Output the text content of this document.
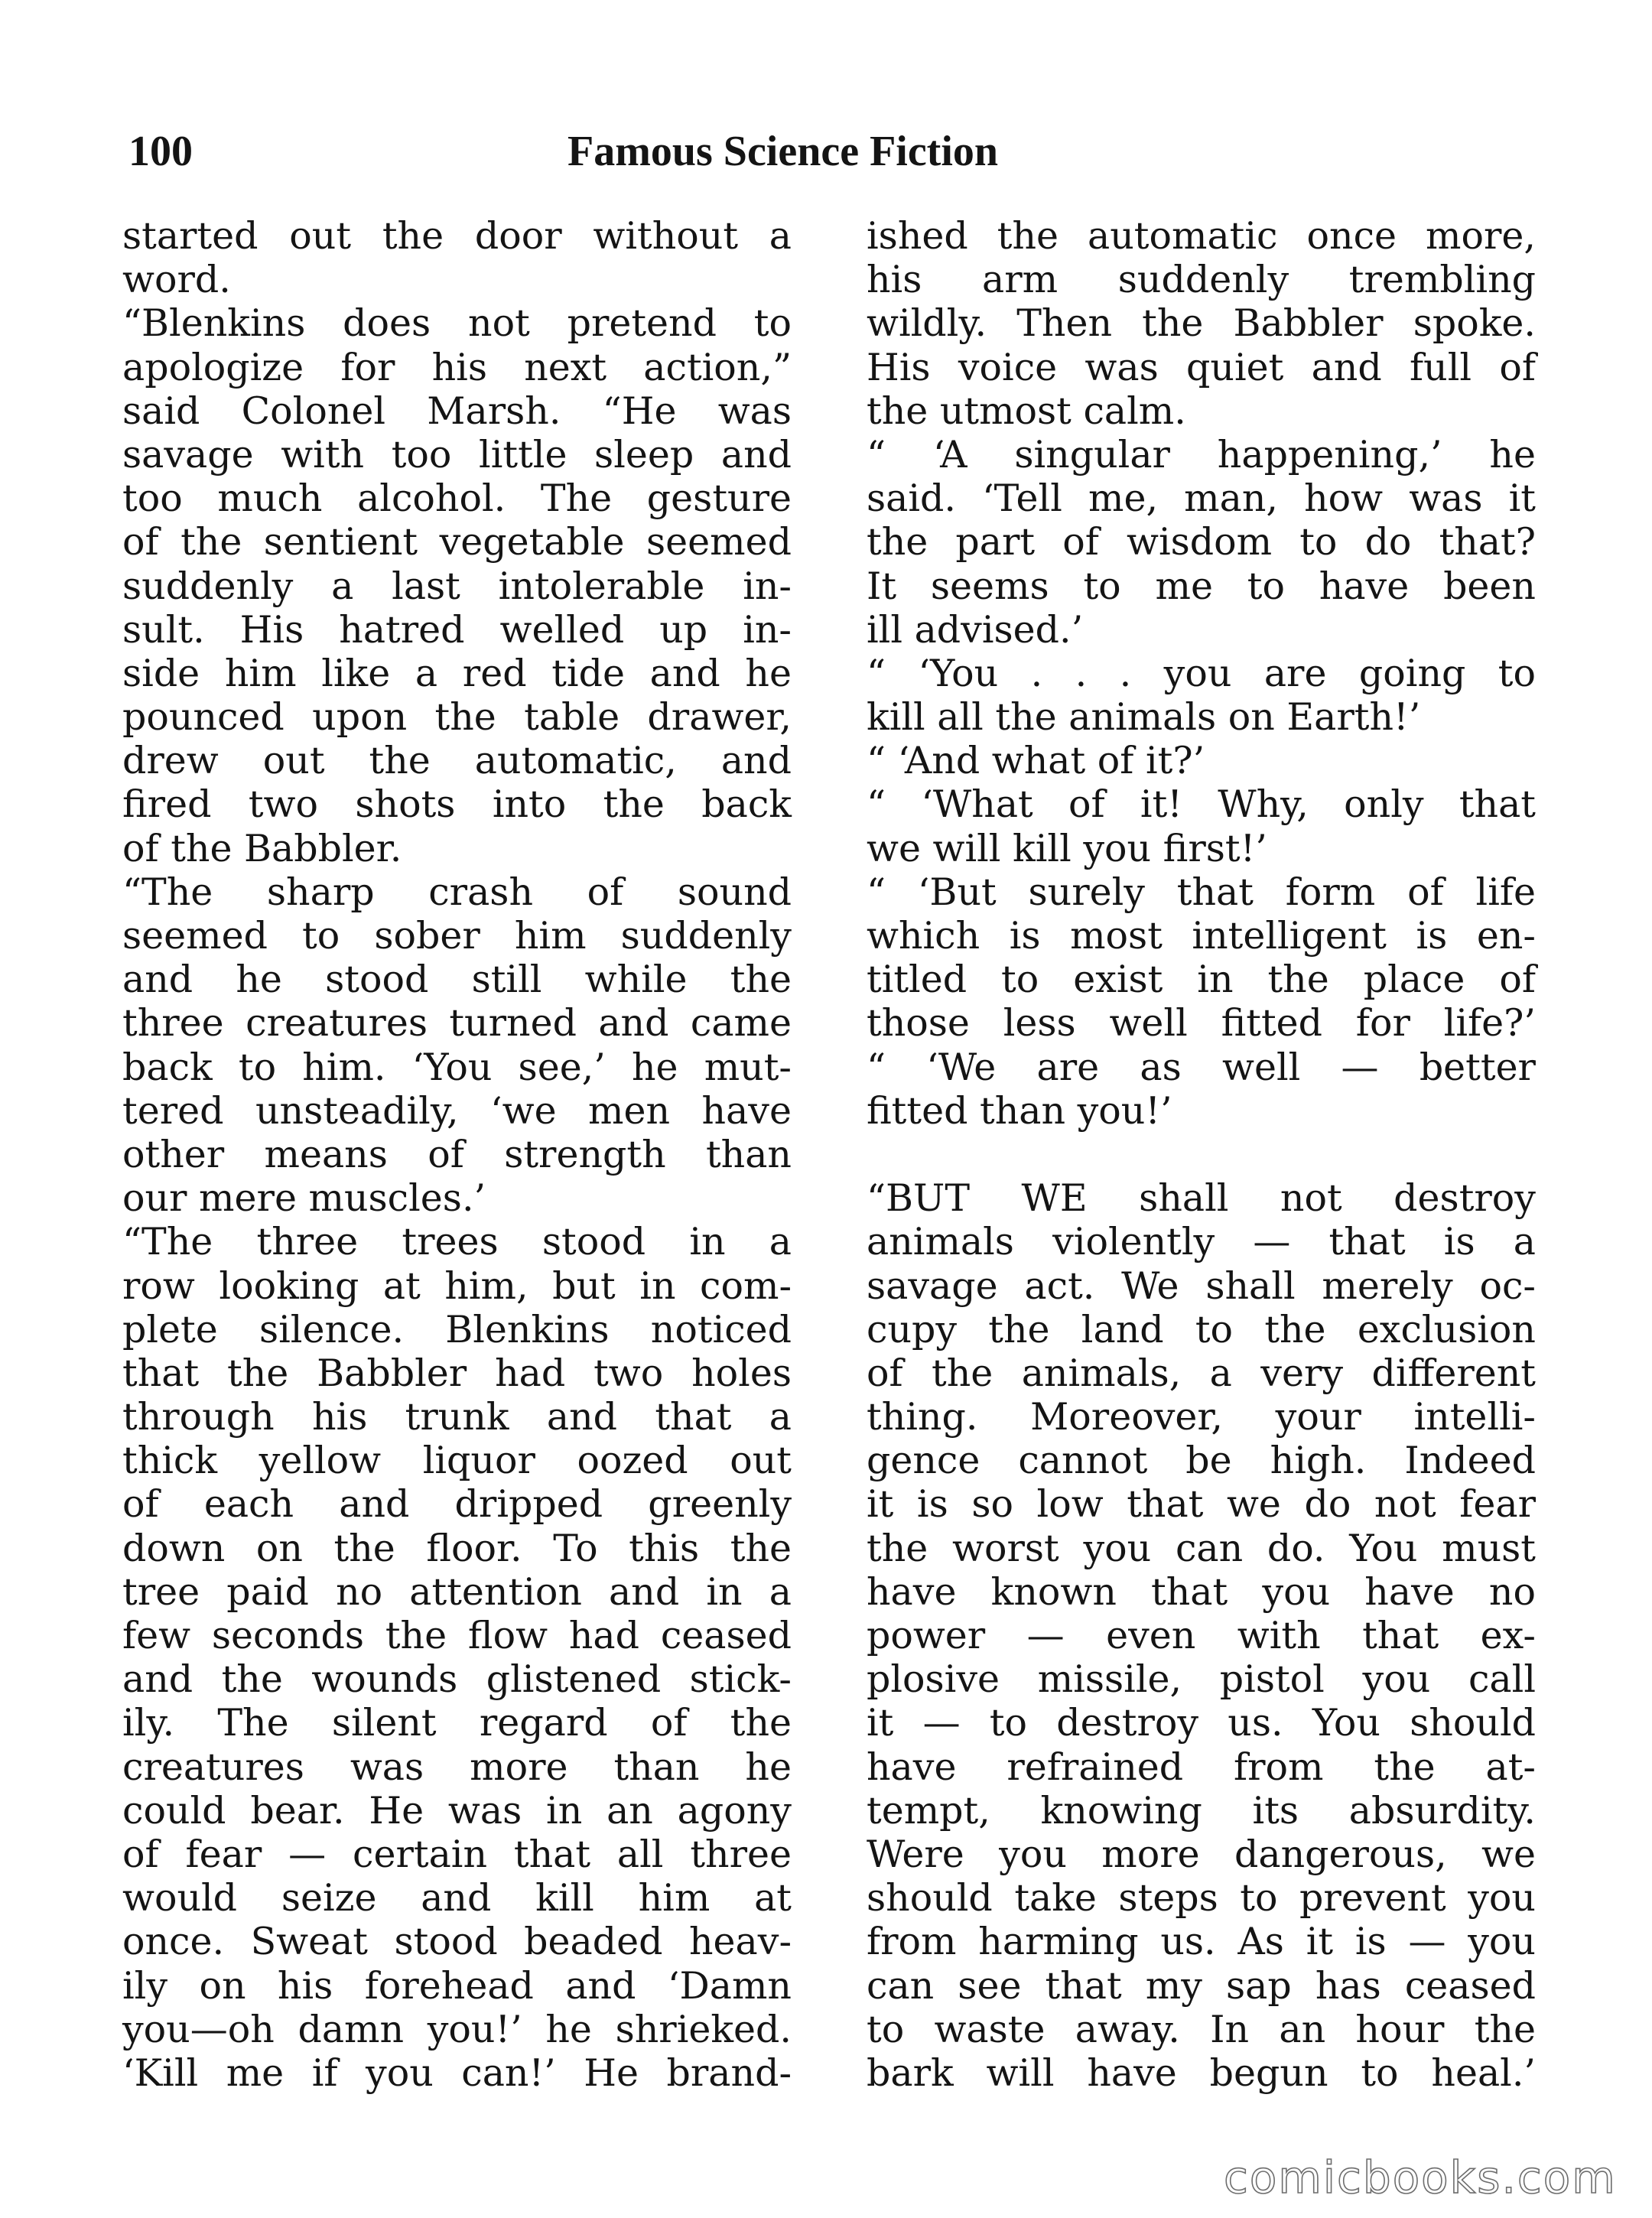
100	Famous Science Fiction
started out the door without a
word.
“Blenkins does not pretend to
apologize for his next action,”
said Colonel Marsh. “He was
savage with too little sleep and
too much alcohol. The gesture
of the sentient vegetable seemed
suddenly a last intolerable in-
sult. His hatred welled up in-
side him like a red tide and he
pounced upon the table drawer,
drew out the automatic, and
fired two shots into the back
of the Babbler.
“The sharp crash of sound
seemed to sober him suddenly
and he stood still while the
three creatures turned and came
back to him. ‘You see,’ he mut-
tered unsteadily, ‘we men have
other means of strength than
our mere muscles.’
“The three trees stood in a
row looking at him, but in com-
plete silence. Blenkins noticed
that the Babbler had two holes
through his trunk and that a
thick yellow liquor oozed out
of each and dripped greenly
down on the floor. To this the
tree paid no attention and in a
few seconds the flow had ceased
and the wounds glistened stick-
ily. The silent regard of the
creatures was more than he
could bear. He was in an agony
of fear — certain that all three
would seize and kill him at
once. Sweat stood beaded heav-
ily on his forehead and ‘Damn
you—oh damn you!’ he shrieked.
‘Kill me if you can!’ He brand-
ished the automatic once more,
his arm suddenly trembling
wildly. Then the Babbler spoke.
His voice was quiet and full of
the utmost calm.
“ ‘A singular happening,’ he
said. ‘Tell me, man, how was it
the part of wisdom to do that?
It seems to me to have been
ill advised.’
“ ‘You . . . you are going to
kill all the animals on Earth!’
“ ‘And what of it?’
“ ‘What of it! Why, only that
we will kill you first!’
“ ‘But surely that form of life
which is most intelligent is en-
titled to exist in the place of
those less well fitted for life?’
“ ‘We are as well — better
fitted than you!’
“BUT WE shall not destroy
animals violently — that is a
savage act. We shall merely oc-
cupy the land to the exclusion
of the animals, a very different
thing. Moreover, your intelli-
gence cannot be high. Indeed
it is so low that we do not fear
the worst you can do. You must
have known that you have no
power — even with that ex-
plosive missile, pistol you call
it — to destroy us. You should
have refrained from the at-
tempt, knowing its absurdity.
Were you more dangerous, we
should take steps to prevent you
from harming us. As it is — you
can see that my sap has ceased
to waste away. In an hour the
bark will have begun to heal.’
comicbooks.com
